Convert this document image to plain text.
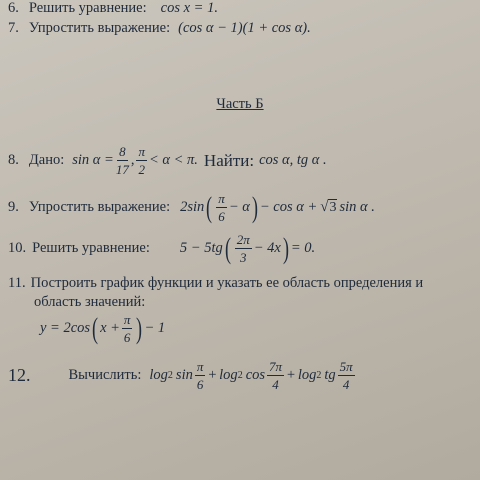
6. Решить уравнение: cos x = 1.
7. Упростить выражение: (cos α − 1)(1 + cos α).
Часть Б
8. Дано: $\sin \alpha = \frac{8}{17}$ , $\frac{\pi}{2} < \alpha < \pi$. Найти: cos α, tg α .
9. Упростить выражение: 2sin ( $\frac{\pi}{6} - \alpha$ ) − cos α + √ 3 sin α .
10. Решить уравнение: 5 − 5tg ( $\frac{2\pi}{3} - 4x$ ) = 0.
11. Построить график функции и указать ее область определения и
область значений:
y = 2cos ( $x + \frac{\pi}{6}$ ) − 1
12.	Вычислить: log 2 $\sin \frac{\pi}{6} + \log 2$ $\cos \frac{7\pi}{4} + \log 2$ tg $\frac{5\pi}{4}$
